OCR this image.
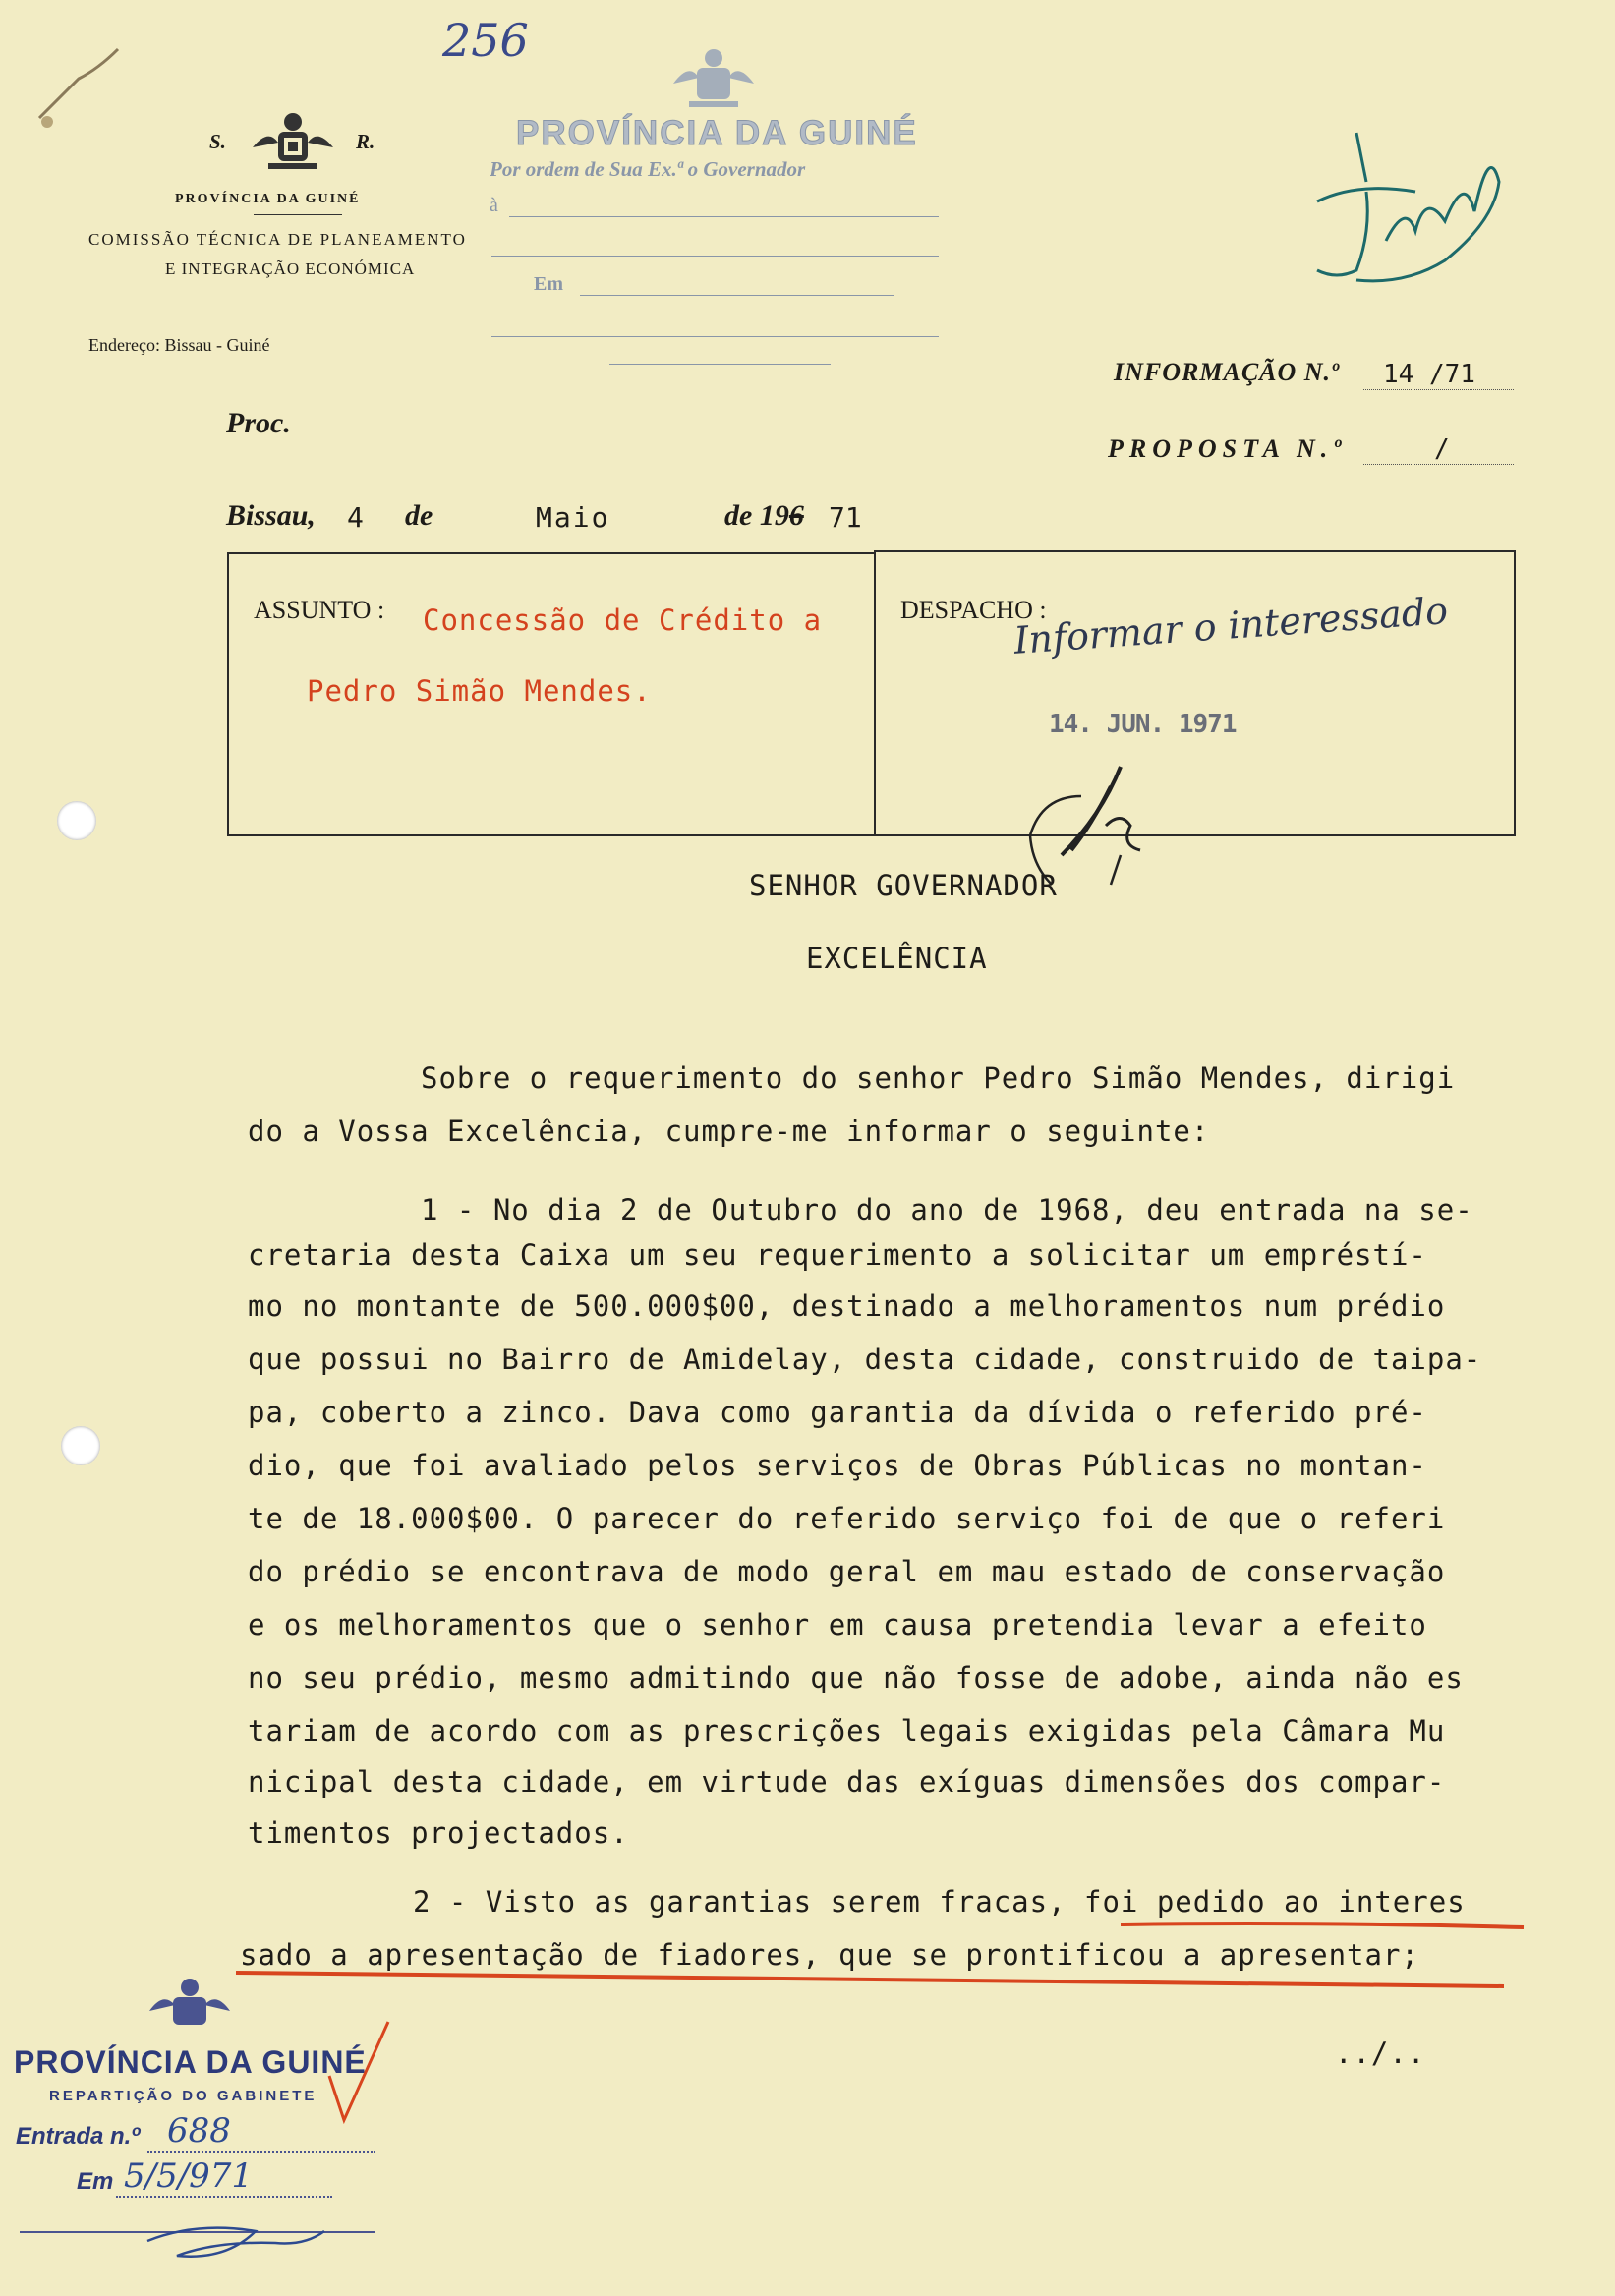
256
S.	R.
PROVÍNCIA DA GUINÉ
COMISSÃO TÉCNICA DE PLANEAMENTO
E INTEGRAÇÃO ECONÓMICA
Endereço: Bissau - Guiné
PROVÍNCIA DA GUINÉ
Por ordem de Sua Ex.ª o Governador
à
Em
INFORMAÇÃO N.º	14 /71
PROPOSTA N.º	/
Proc.
Bissau, 4 de	Maio	de 196 71
ASSUNTO : Concessão de Crédito a
Pedro Simão Mendes.
DESPACHO :
Informar o interessado
14. JUN. 1971
SENHOR GOVERNADOR
EXCELÊNCIA
Sobre o requerimento do senhor Pedro Simão Mendes, dirigi
do a Vossa Excelência, cumpre-me informar o seguinte:
1 - No dia 2 de Outubro do ano de 1968, deu entrada na se-
cretaria desta Caixa um seu requerimento a solicitar um empréstí-
mo no montante de 500.000$00, destinado a melhoramentos num prédio
que possui no Bairro de Amidelay, desta cidade, construido de taipa-
pa, coberto a zinco. Dava como garantia da dívida o referido pré-
dio, que foi avaliado pelos serviços de Obras Públicas no montan-
te de 18.000$00. O parecer do referido serviço foi de que o referi
do prédio se encontrava de modo geral em mau estado de conservação
e os melhoramentos que o senhor em causa pretendia levar a efeito
no seu prédio, mesmo admitindo que não fosse de adobe, ainda não es
tariam de acordo com as prescrições legais exigidas pela Câmara Mu
nicipal desta cidade, em virtude das exíguas dimensões dos compar-
timentos projectados.
2 - Visto as garantias serem fracas, foi pedido ao interes
sado a apresentação de fiadores, que se prontificou a apresentar;
../..
PROVÍNCIA DA GUINÉ
REPARTIÇÃO DO GABINETE
Entrada n.º 688
Em 5/5/971
